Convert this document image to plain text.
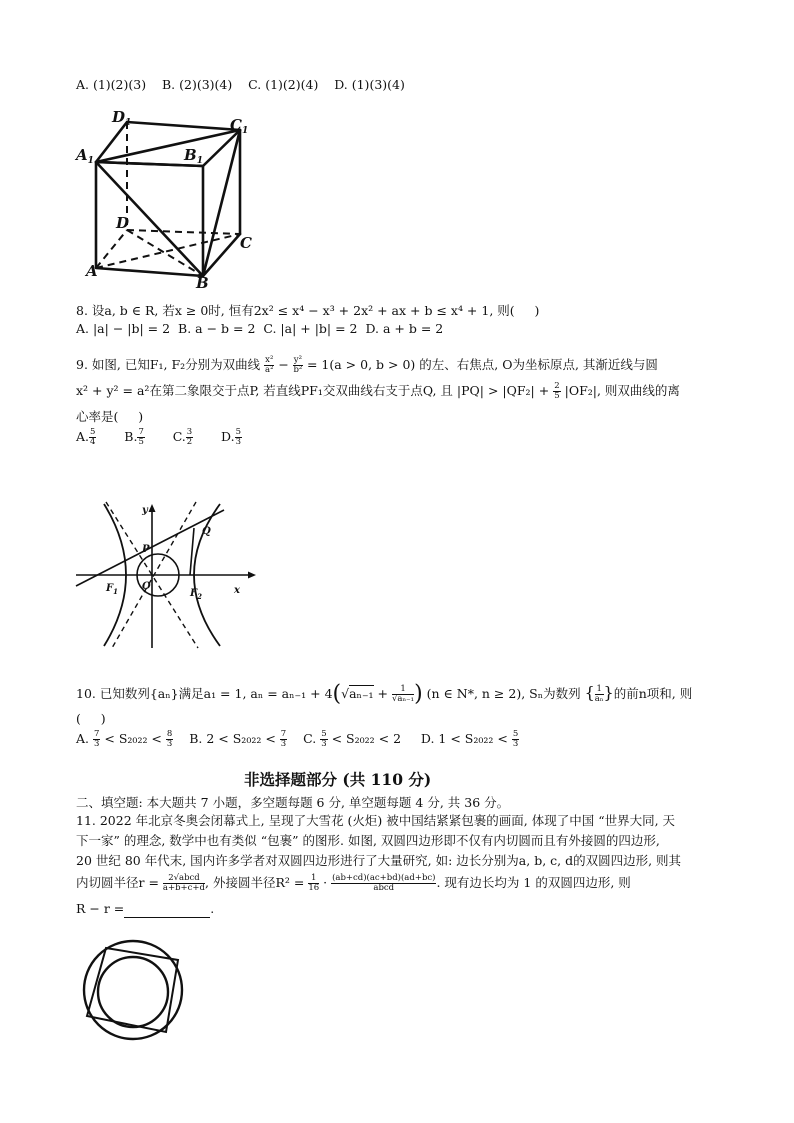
A. (1)(2)(3)    B. (2)(3)(4)    C. (1)(2)(4)    D. (1)(3)(4)
$D_1$	$C_1$
$A_1$	$B_1$
D
C
A
B
8. 设a, b ∈ R, 若x ≥ 0时, 恒有2x² ≤ x⁴ − x³ + 2x² + ax + b ≤ x⁴ + 1, 则(     )
A. |a| − |b| = 2  B. a − b = 2  C. |a| + |b| = 2  D. a + b = 2
9. 如图, 已知F₁, F₂分别为双曲线 $\frac{\text{x²}}{\text{a²}} - \frac{\text{y²}}{\text{b²}} = 1(a > 0$, b > 0) 的左、右焦点, O为坐标原点, 其渐近线与圆
x² + y² = a²在第二象限交于点P, 若直线PF₁交双曲线右支于点Q, 且 $|PQ| > |QF_2| + \frac{2}{5} |OF_2|$, 则双曲线的离
心率是(     )
A. $\frac{5}{4} B$. $\frac{7}{5} C$. $\frac{3}{2} D$. $\frac{5}{3}$
y
x
P
Q
O
$F_1$	$F_2$
10. 已知数列{aₙ}满足a₁ = 1, $a_n = a_{n-1} + 4(√a_{n-1} + \frac{1}{\text{√aₙ₋₁}}$ ) (n ∈ N*, n ≥ 2), Sₙ为数列 { $\frac{1}{\text{aₙ}}$ }的前n项和, 则
(     )
A. $\frac{7}{3} < S_{2022} < \frac{8}{3} B$. $2 < S_{2022} < \frac{7}{3} C$. $\frac{5}{3} < S_{2022} < 2$ D. $1 < S_{2022} < \frac{5}{3}$
非选择题部分 (共 110 分)
二、填空题: 本大题共 7 小题，多空题每题 6 分, 单空题每题 4 分, 共 36 分。
11. 2022 年北京冬奥会闭幕式上, 呈现了大雪花 (火炬) 被中国结紧紧包裹的画面, 体现了中国 “世界大同, 天
下一家” 的理念, 数学中也有类似 “包裹” 的图形. 如图, 双圆四边形即不仅有内切圆而且有外接圆的四边形,
20 世纪 80 年代末, 国内许多学者对双圆四边形进行了大量研究, 如: 边长分别为a, b, c, d的双圆四边形, 则其
内切圆半径$r = \frac{\text{2√abcd}}{a+b+c+d}$ , 外接圆半径$R^2 = \frac{1}{16} \cdot \frac{(ab+cd)(ac+bd)(ad+bc)}{\text{abcd}}$ . 现有边长均为 1 的双圆四边形, 则
R − r =	.
